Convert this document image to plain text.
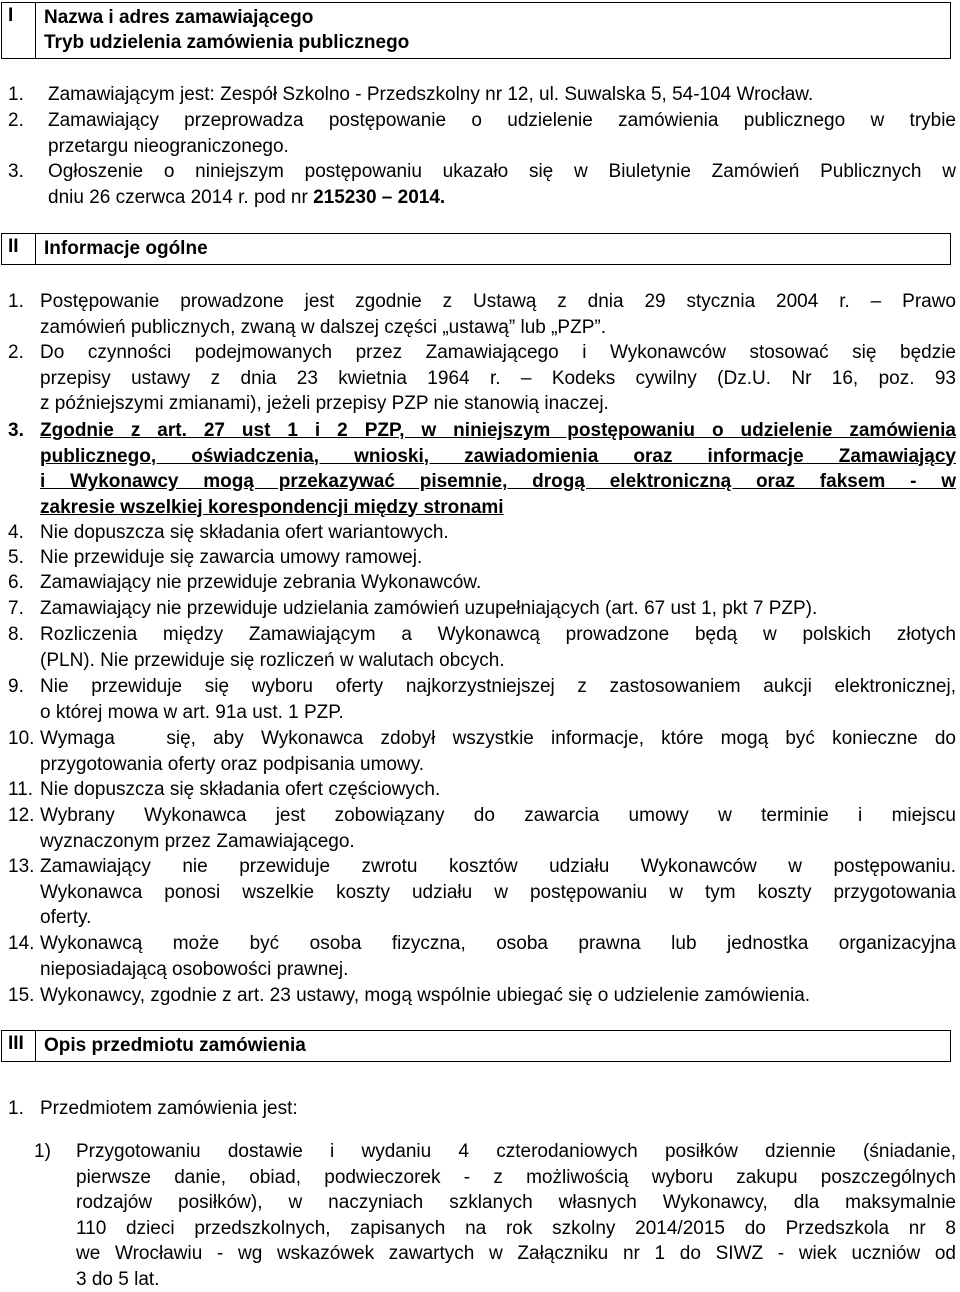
I	Nazwa i adres zamawiającego
Tryb udzielenia zamówienia publicznego
1. Zamawiającym jest: Zespół Szkolno - Przedszkolny nr 12, ul. Suwalska 5, 54-104 Wrocław.
2. Zamawiający przeprowadza postępowanie o udzielenie zamówienia publicznego w trybie
przetargu nieograniczonego.
3. Ogłoszenie o niniejszym postępowaniu ukazało się w Biuletynie Zamówień Publicznych w
dniu 26 czerwca 2014 r. pod nr 215230 – 2014.
II	Informacje ogólne
1. Postępowanie prowadzone jest zgodnie z Ustawą z dnia 29 stycznia 2004 r. – Prawo
zamówień publicznych, zwaną w dalszej części „ustawą” lub „PZP”.
2. Do czynności podejmowanych przez Zamawiającego i Wykonawców stosować się będzie
przepisy ustawy z dnia 23 kwietnia 1964 r. – Kodeks cywilny (Dz.U. Nr 16, poz. 93
z późniejszymi zmianami), jeżeli przepisy PZP nie stanowią inaczej.
3. Zgodnie z art. 27 ust 1 i 2 PZP, w niniejszym postępowaniu o udzielenie zamówienia
publicznego, oświadczenia, wnioski, zawiadomienia oraz informacje Zamawiający
i Wykonawcy mogą przekazywać pisemnie, drogą elektroniczną oraz faksem - w
zakresie wszelkiej korespondencji między stronami
4. Nie dopuszcza się składania ofert wariantowych.
5. Nie przewiduje się zawarcia umowy ramowej.
6. Zamawiający nie przewiduje zebrania Wykonawców.
7. Zamawiający nie przewiduje udzielania zamówień uzupełniających (art. 67 ust 1, pkt 7 PZP).
8. Rozliczenia między Zamawiającym a Wykonawcą prowadzone będą w polskich złotych
(PLN). Nie przewiduje się rozliczeń w walutach obcych.
9. Nie przewiduje się wyboru oferty najkorzystniejszej z zastosowaniem aukcji elektronicznej,
o której mowa w art. 91a ust. 1 PZP.
10. Wymaga   się, aby Wykonawca zdobył wszystkie informacje, które mogą być konieczne do
przygotowania oferty oraz podpisania umowy.
11. Nie dopuszcza się składania ofert częściowych.
12. Wybrany Wykonawca jest zobowiązany do zawarcia umowy w terminie i miejscu
wyznaczonym przez Zamawiającego.
13. Zamawiający nie przewiduje zwrotu kosztów udziału Wykonawców w postępowaniu.
Wykonawca ponosi wszelkie koszty udziału w postępowaniu w tym koszty przygotowania
oferty.
14. Wykonawcą może być osoba fizyczna, osoba prawna lub jednostka organizacyjna
nieposiadającą osobowości prawnej.
15. Wykonawcy, zgodnie z art. 23 ustawy, mogą wspólnie ubiegać się o udzielenie zamówienia.
III	Opis przedmiotu zamówienia
1. Przedmiotem zamówienia jest:
1) Przygotowaniu dostawie i wydaniu 4 czterodaniowych posiłków dziennie (śniadanie,
pierwsze danie, obiad, podwieczorek - z możliwością wyboru zakupu poszczególnych
rodzajów posiłków), w naczyniach szklanych własnych Wykonawcy, dla maksymalnie
110 dzieci przedszkolnych, zapisanych na rok szkolny 2014/2015 do Przedszkola nr 8
we Wrocławiu - wg wskazówek zawartych w Załączniku nr 1 do SIWZ - wiek uczniów od
3 do 5 lat.
